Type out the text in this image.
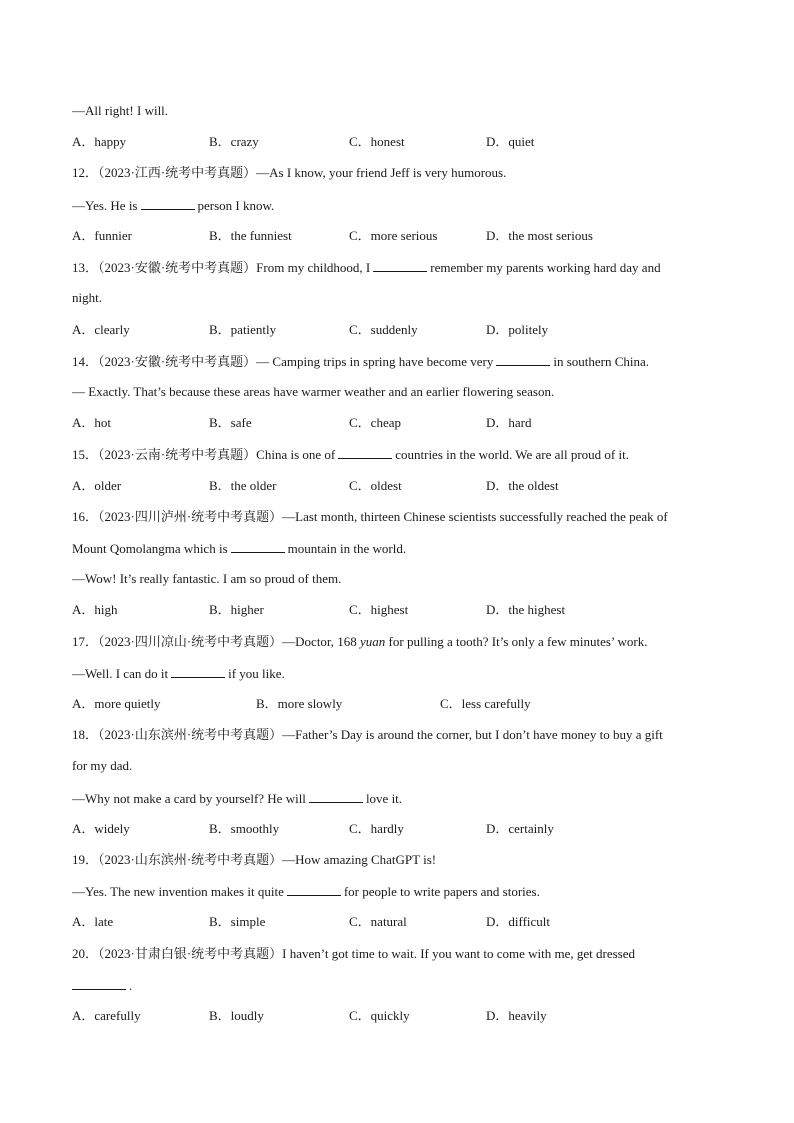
—All right! I will.
A．happy	B．crazy	C．honest	D．quiet
12．（2023·江西·统考中考真题）—As I know, your friend Jeff is very humorous.
—Yes. He is	person I know.
A．funnier	B．the funniest	C．more serious	D．the most serious
13．（2023·安徽·统考中考真题）From my childhood, I	remember my parents working hard day and
night.
A．clearly	B．patiently	C．suddenly	D．politely
14．（2023·安徽·统考中考真题）— Camping trips in spring have become very	in southern China.
— Exactly. That’s because these areas have warmer weather and an earlier flowering season.
A．hot	B．safe	C．cheap	D．hard
15．（2023·云南·统考中考真题）China is one of	countries in the world. We are all proud of it.
A．older	B．the older	C．oldest	D．the oldest
16．（2023·四川泸州·统考中考真题）—Last month, thirteen Chinese scientists successfully reached the peak of
Mount Qomolangma which is	mountain in the world.
—Wow! It’s really fantastic. I am so proud of them.
A．high	B．higher	C．highest	D．the highest
17．（2023·四川凉山·统考中考真题）—Doctor, 168 yuan for pulling a tooth? It’s only a few minutes’ work.
—Well. I can do it	if you like.
A．more quietly	B．more slowly	C．less carefully
18．（2023·山东滨州·统考中考真题）—Father’s Day is around the corner, but I don’t have money to buy a gift
for my dad.
—Why not make a card by yourself? He will	love it.
A．widely	B．smoothly	C．hardly	D．certainly
19．（2023·山东滨州·统考中考真题）—How amazing ChatGPT is!
—Yes. The new invention makes it quite	for people to write papers and stories.
A．late	B．simple	C．natural	D．difficult
20．（2023·甘肃白银·统考中考真题）I haven’t got time to wait. If you want to come with me, get dressed
.
A．carefully	B．loudly	C．quickly	D．heavily
